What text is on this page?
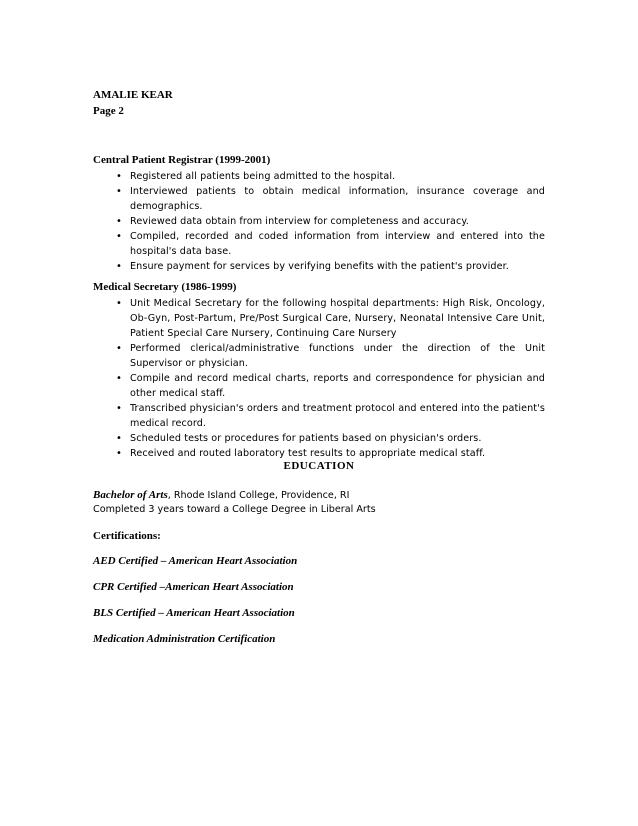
AMALIE KEAR
Page 2
Central Patient Registrar (1999-2001)
• Registered all patients being admitted to the hospital.
• Interviewed patients to obtain medical information, insurance coverage and demographics.
• Reviewed data obtain from interview for completeness and accuracy.
• Compiled, recorded and coded information from interview and entered into the hospital's data base.
• Ensure payment for services by verifying benefits with the patient's provider.
Medical Secretary (1986-1999)
• Unit Medical Secretary for the following hospital departments: High Risk, Oncology, Ob-Gyn, Post-Partum, Pre/Post Surgical Care, Nursery, Neonatal Intensive Care Unit, Patient Special Care Nursery, Continuing Care Nursery
• Performed clerical/administrative functions under the direction of the Unit Supervisor or physician.
• Compile and record medical charts, reports and correspondence for physician and other medical staff.
• Transcribed physician's orders and treatment protocol and entered into the patient's medical record.
• Scheduled tests or procedures for patients based on physician's orders.
• Received and routed laboratory test results to appropriate medical staff.
EDUCATION
Bachelor of Arts, Rhode Island College, Providence, RI
Completed 3 years toward a College Degree in Liberal Arts
Certifications:
AED Certified – American Heart Association
CPR Certified –American Heart Association
BLS Certified – American Heart Association
Medication Administration Certification
